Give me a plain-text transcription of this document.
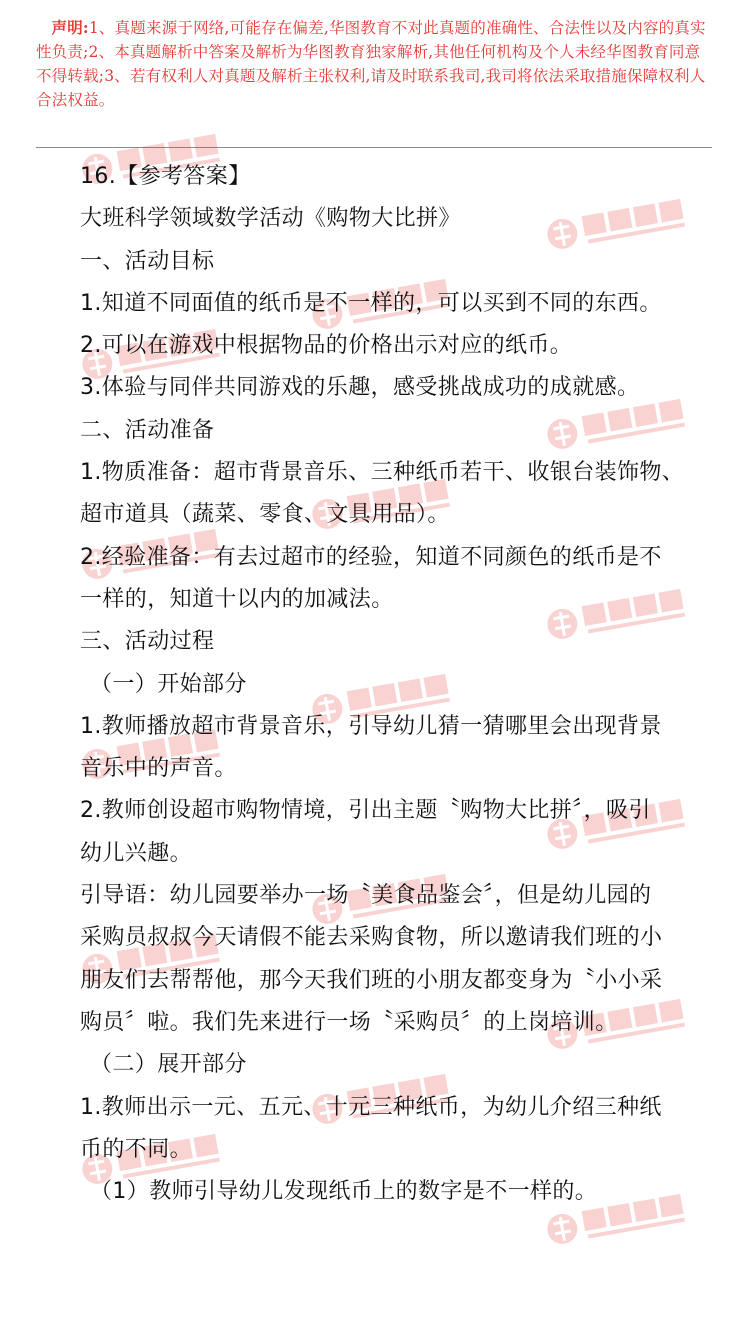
声明:1、真题来源于网络,可能存在偏差,华图教育不对此真题的准确性、合法性以及内容的真实性负责;2、本真题解析中答案及解析为华图教育独家解析,其他任何机构及个人未经华图教育同意不得转载;3、若有权利人对真题及解析主张权利,请及时联系我司,我司将依法采取措施保障权利人合法权益。

16.【参考答案】

大班科学领域数学活动《购物大比拼》

一、活动目标

1.知道不同面值的纸币是不一样的，可以买到不同的东西。

2.可以在游戏中根据物品的价格出示对应的纸币。

3.体验与同伴共同游戏的乐趣，感受挑战成功的成就感。

二、活动准备

1.物质准备：超市背景音乐、三种纸币若干、收银台装饰物、

超市道具（蔬菜、零食、文具用品）。

2.经验准备：有去过超市的经验，知道不同颜色的纸币是不

一样的，知道十以内的加减法。

三、活动过程

（一）开始部分

1.教师播放超市背景音乐，引导幼儿猜一猜哪里会出现背景

音乐中的声音。

2.教师创设超市购物情境，引出主题〝购物大比拼〞，吸引

幼儿兴趣。

引导语：幼儿园要举办一场〝美食品鉴会〞，但是幼儿园的

采购员叔叔今天请假不能去采购食物，所以邀请我们班的小

朋友们去帮帮他，那今天我们班的小朋友都变身为〝小小采

购员〞啦。我们先来进行一场〝采购员〞的上岗培训。

（二）展开部分

1.教师出示一元、五元、十元三种纸币，为幼儿介绍三种纸

币的不同。

（1）教师引导幼儿发现纸币上的数字是不一样的。
